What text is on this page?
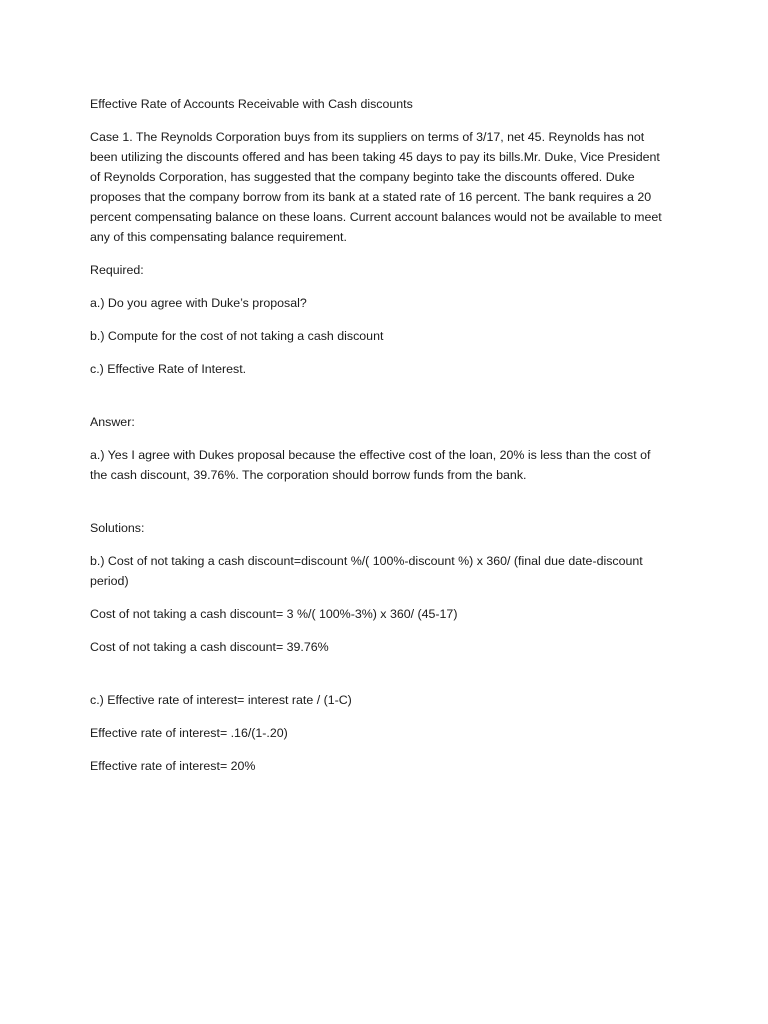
Effective Rate of Accounts Receivable with Cash discounts

Case 1. The Reynolds Corporation buys from its suppliers on terms of 3/17, net 45. Reynolds has not been utilizing the discounts offered and has been taking 45 days to pay its bills.Mr. Duke, Vice President of Reynolds Corporation, has suggested that the company beginto take the discounts offered. Duke proposes that the company borrow from its bank at a stated rate of 16 percent. The bank requires a 20 percent compensating balance on these loans. Current account balances would not be available to meet any of this compensating balance requirement.

Required:

a.) Do you agree with Duke’s proposal?

b.) Compute for the cost of not taking a cash discount

c.) Effective Rate of Interest.

Answer:

a.) Yes I agree with Dukes proposal because the effective cost of the loan, 20% is less than the cost of the cash discount, 39.76%. The corporation should borrow funds from the bank.

Solutions:

b.) Cost of not taking a cash discount=discount %/( 100%-discount %) x 360/ (final due date-discount period)

Cost of not taking a cash discount= 3 %/( 100%-3%) x 360/ (45-17)

Cost of not taking a cash discount= 39.76%

c.) Effective rate of interest= interest rate / (1-C)

Effective rate of interest= .16/(1-.20)

Effective rate of interest= 20%
